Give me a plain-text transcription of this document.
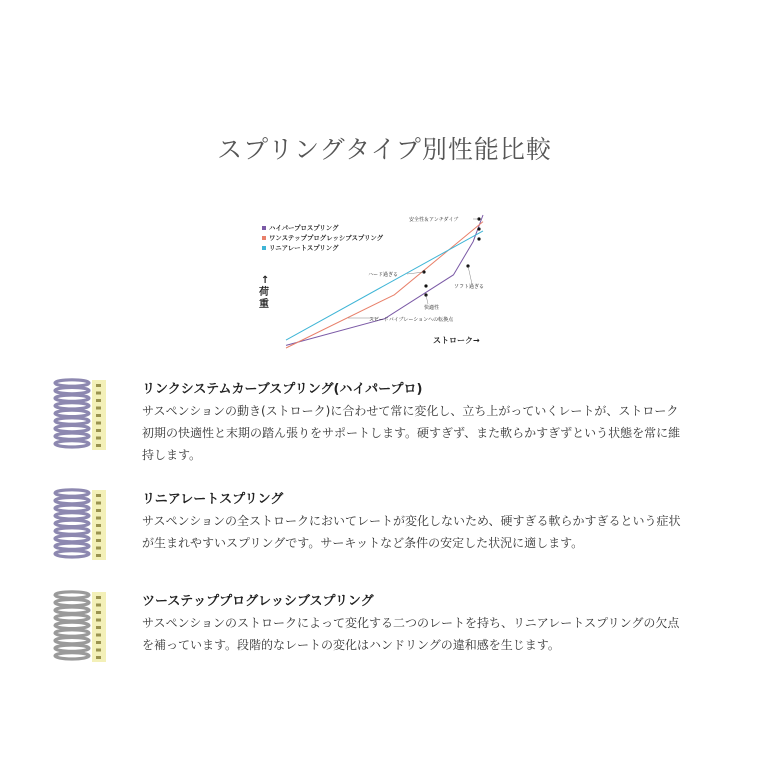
スプリングタイプ別性能比較
ハイパープロスプリング
ワンステッププログレッシブスプリング
リニアレートスプリング
↑
荷
重
安全性＆アンチダイブ
ハード過ぎる
ソフト過ぎる
快適性
スピードバイブレーションへの転換点
ストローク→
リンクシステムカーブスプリング(ハイパープロ)

サスペンションの動き(ストローク)に合わせて常に変化し、立ち上がっていくレートが、ストローク初期の快適性と末期の踏ん張りをサポートします。硬すぎず、また軟らかすぎずという状態を常に維持します。

リニアレートスプリング

サスペンションの全ストロークにおいてレートが変化しないため、硬すぎる軟らかすぎるという症状が生まれやすいスプリングです。サーキットなど条件の安定した状況に適します。

ツーステッププログレッシブスプリング

サスペンションのストロークによって変化する二つのレートを持ち、リニアレートスプリングの欠点を補っています。段階的なレートの変化はハンドリングの違和感を生じます。
